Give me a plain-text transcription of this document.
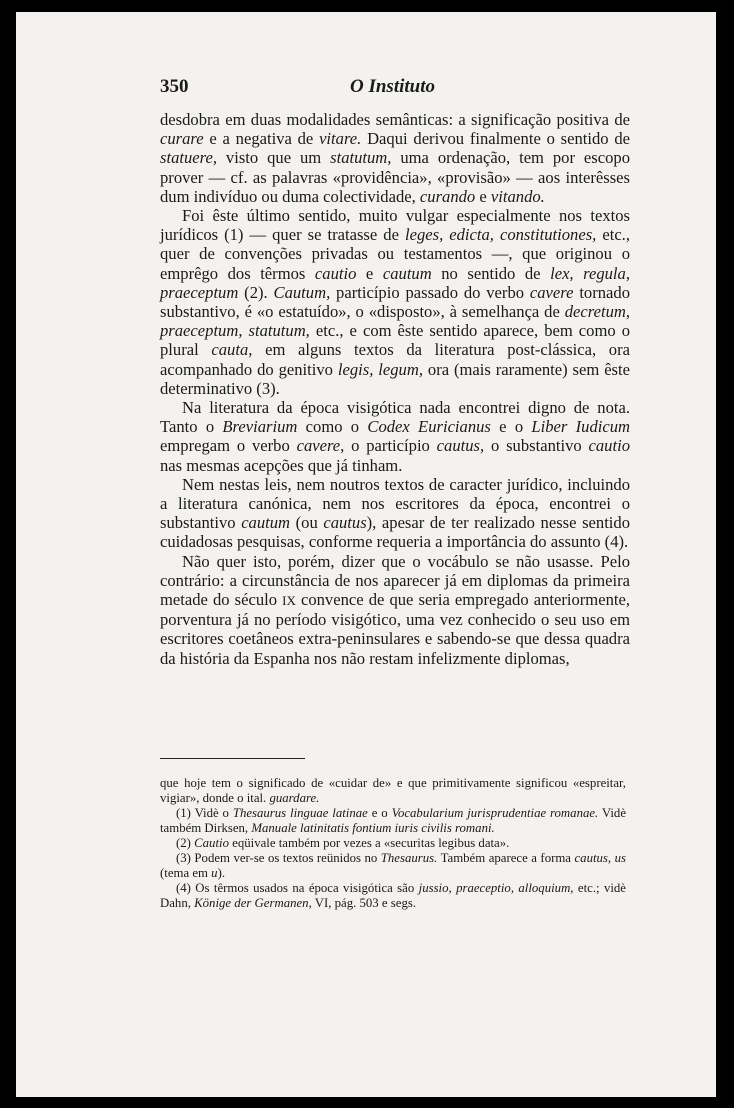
350	O Instituto

desdobra em duas modalidades semânticas: a significação positiva de curare e a negativa de vitare. Daqui derivou finalmente o sentido de statuere, visto que um statutum, uma ordenação, tem por escopo prover — cf. as palavras «providência», «provisão» — aos interêsses dum indivíduo ou duma colectividade, curando e vitando.

Foi êste último sentido, muito vulgar especialmente nos textos jurídicos (1) — quer se tratasse de leges, edicta, constitutiones, etc., quer de convenções privadas ou testamentos —, que originou o emprêgo dos têrmos cautio e cautum no sentido de lex, regula, praeceptum (2). Cautum, particípio passado do verbo cavere tornado substantivo, é «o estatuído», o «disposto», à semelhança de decretum, praeceptum, statutum, etc., e com êste sentido aparece, bem como o plural cauta, em alguns textos da literatura post-clássica, ora acompanhado do genitivo legis, legum, ora (mais raramente) sem êste determinativo (3).

Na literatura da época visigótica nada encontrei digno de nota. Tanto o Breviarium como o Codex Euricianus e o Liber Iudicum empregam o verbo cavere, o particípio cautus, o substantivo cautio nas mesmas acepções que já tinham.

Nem nestas leis, nem noutros textos de caracter jurídico, incluindo a literatura canónica, nem nos escritores da época, encontrei o substantivo cautum (ou cautus), apesar de ter realizado nesse sentido cuidadosas pesquisas, conforme requeria a importância do assunto (4).

Não quer isto, porém, dizer que o vocábulo se não usasse. Pelo contrário: a circunstância de nos aparecer já em diplomas da primeira metade do século IX convence de que seria empregado anteriormente, porventura já no período visigótico, uma vez conhecido o seu uso em escritores coetâneos extra-peninsulares e sabendo-se que dessa quadra da história da Espanha nos não restam infelizmente diplomas,

que hoje tem o significado de «cuidar de» e que primitivamente significou «espreitar, vigiar», donde o ital. guardare.

(1) Vidè o Thesaurus linguae latinae e o Vocabularium jurisprudentiae romanae. Vidè também Dirksen, Manuale latinitatis fontium iuris civilis romani.

(2) Cautio eqüivale também por vezes a «securitas legibus data».

(3) Podem ver-se os textos reünidos no Thesaurus. Também aparece a forma cautus, us (tema em u).

(4) Os têrmos usados na época visigótica são jussio, praeceptio, alloquium, etc.; vidè Dahn, Könige der Germanen, VI, pág. 503 e segs.
